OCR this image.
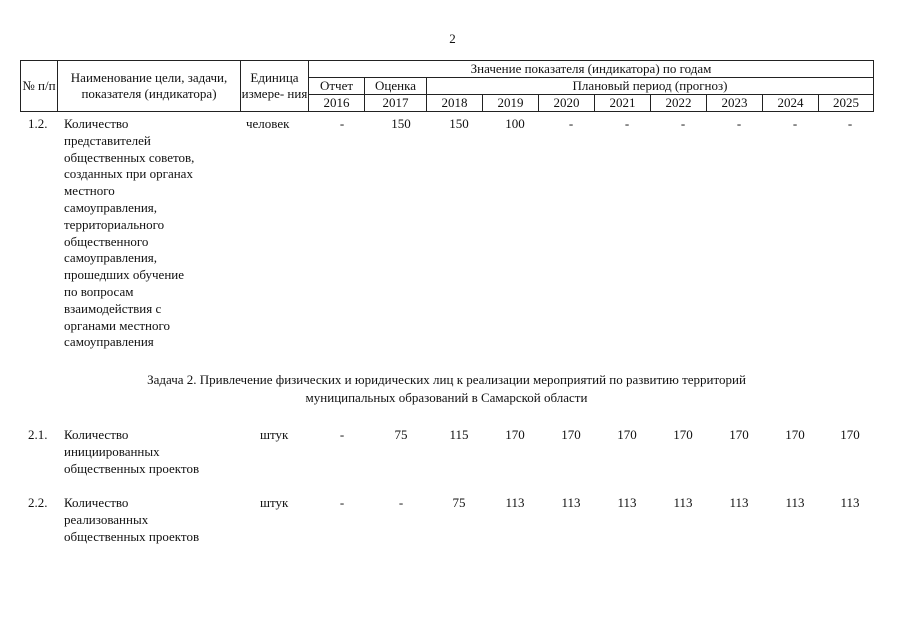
2
№ п/п	Наименование цели, задачи, показателя (индикатора)	Единица измере- ния	Значение показателя (индикатора) по годам									
			Отчет	Оценка	Плановый период (прогноз)							
			2016	2017	2018	2019	2020	2021	2022	2023	2024	2025
1.2. Количество
представителей
общественных советов,
созданных при органах
местного
самоуправления,
территориального
общественного
самоуправления,
прошедших обучение
по вопросам
взаимодействия с
органами местного
самоуправления
человек	-	150	150	100	-	-	-	-	-	-
Задача 2. Привлечение физических и юридических лиц к реализации мероприятий по развитию территорий
муниципальных образований в Самарской области
2.1. Количество
инициированных
общественных проектов
штук	-	75	115	170	170	170	170	170	170	170
2.2. Количество
реализованных
общественных проектов
штук	-	-	75	113	113	113	113	113	113	113
